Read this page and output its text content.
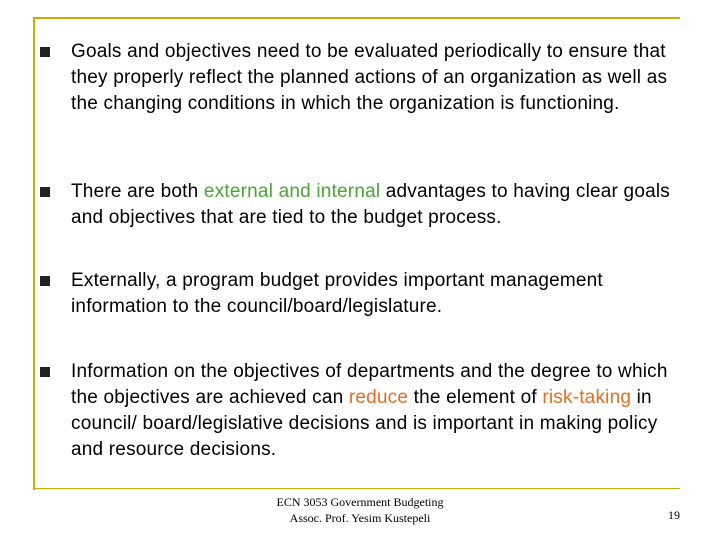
Goals and objectives need to be evaluated periodically to ensure that they properly reflect the planned actions of an organization as well as the changing conditions in which the organization is functioning.
There are both external and internal advantages to having clear goals and objectives that are tied to the budget process.
Externally, a program budget provides important management information to the council/board/legislature.
Information on the objectives of departments and the degree to which the objectives are achieved can reduce the element of risk-taking in council/ board/legislative decisions and is important in making policy and resource decisions.
ECN 3053 Government Budgeting
Assoc. Prof. Yesim Kustepeli	19
